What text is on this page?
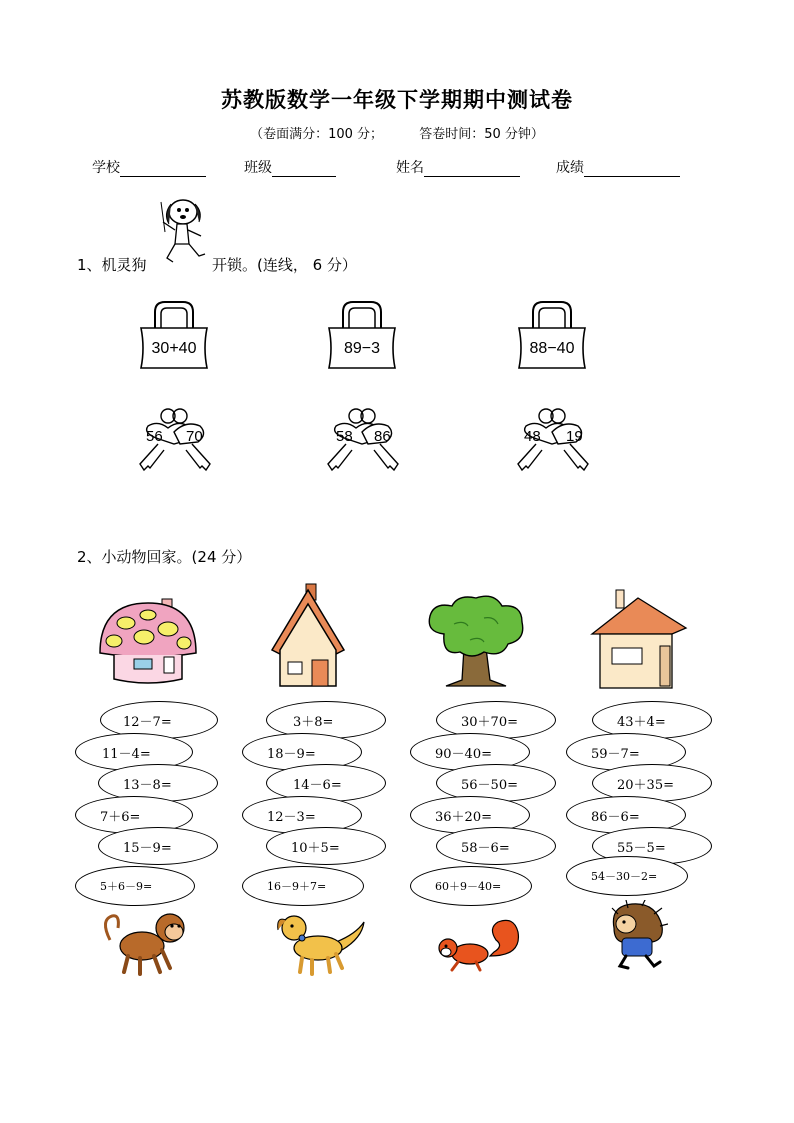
苏教版数学一年级下学期期中测试卷
（卷面满分：100 分；	答卷时间：50 分钟）
学校	班级	姓名	成绩
1、机灵狗	开锁。(连线， 6 分）
30+40	89−3	88−40
56 70	58 86	48 19
2、小动物回家。(24 分）
12－7=
11－4=
13－8=
7＋6=
15－9=
5＋6－9=
3＋8=
18－9=
14－6=
12－3=
10＋5=
16－9＋7=
30＋70=
90－40=
56－50=
36＋20=
58－6=
60＋9－40=
43＋4=
59－7=
20＋35=
86－6=
55－5=
54－30－2=
